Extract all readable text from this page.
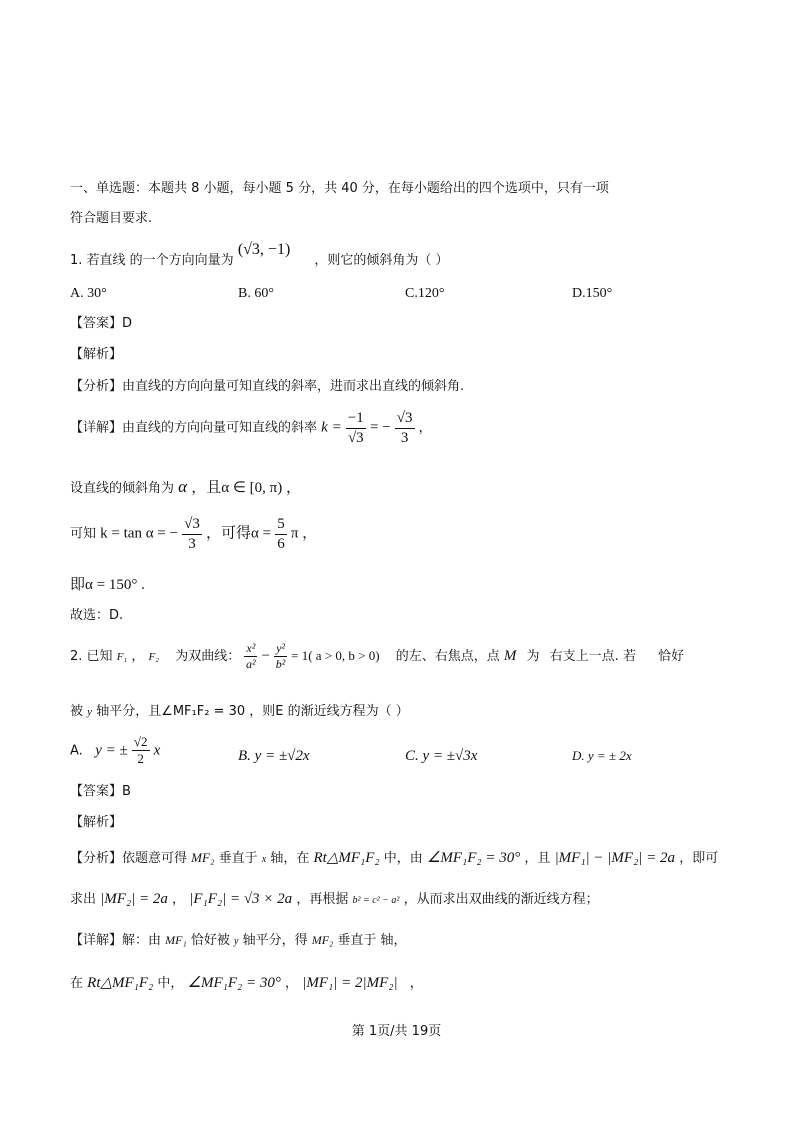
一、单选题：本题共 8 小题，每小题 5 分，共 40 分，在每小题给出的四个选项中，只有一项
符合题目要求.
1. 若直线 的一个方向向量为 (√3, −1) ，则它的倾斜角为（ ）
A. 30°	B. 60°	C.120°	D.150°
【答案】D
【解析】
【分析】由直线的方向向量可知直线的斜率，进而求出直线的倾斜角.
【详解】由直线的方向向量可知直线的斜率 $k = \frac{-1}{√3}$ = − $\frac{√3}{3}$ ，
设直线的倾斜角为 α ，且α ∈ [0, π) ，
可知 k = tan α = − $\frac{√3}{3}$ ，可得$\alpha = \frac{5}{6}$ π ，
即α = 150° .
故选：D.
2. 已知 F₁ ， F₂ 为双曲线： $\frac{\text{x²}}{\text{a²}} - \frac{\text{y²}}{\text{b²}} = 1$( a > 0, b > 0) 的左、右焦点，点 M 为 右支上一点. 若 恰好
被 y 轴平分，且∠MF₁F₂ = 30 ，则E 的渐近线方程为（ ）
A.   y = ± $\frac{√2}{2}$ x	B. y = ±√2x	C. y = ±√3x	D. y = ± 2x
【答案】B
【解析】
【分析】依题意可得 MF₂ 垂直于 x 轴，在 Rt△MF₁F₂ 中，由 ∠MF₁F₂ = 30° ，且 |MF₁| − |MF₂| = 2a ，即可
求出 |MF₂| = 2a ， |F₁F₂| = √3 × 2a ，再根据 b² = c² − a² ，从而求出双曲线的渐近线方程；
【详解】解：由 MF₁ 恰好被 y 轴平分，得 MF₂ 垂直于 轴，
在 Rt△MF₁F₂ 中， ∠MF₁F₂ = 30° ， |MF₁| = 2|MF₂| ，
第 1页/共 19页
